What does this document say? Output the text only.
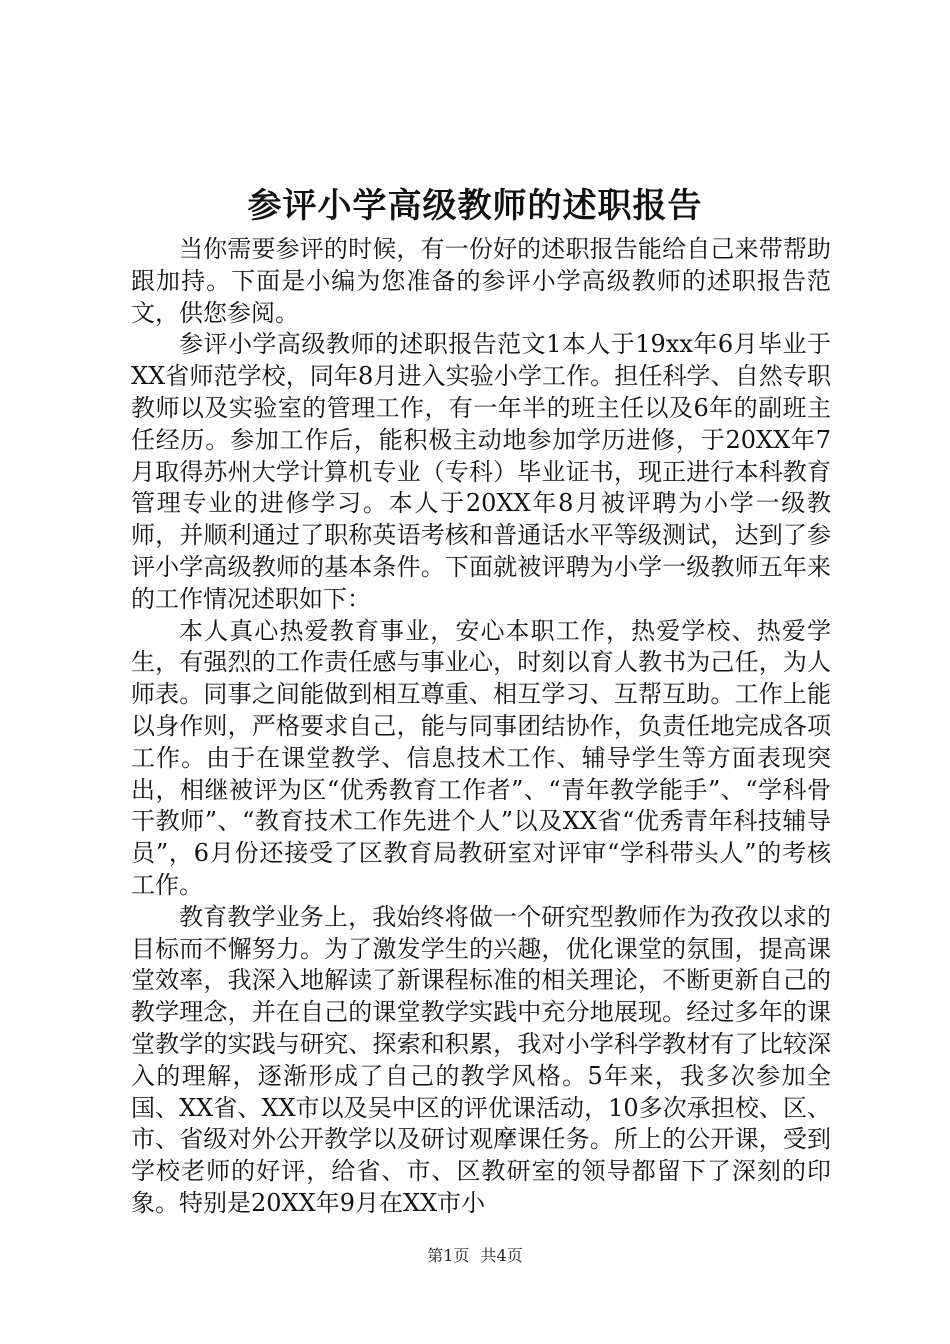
参评小学高级教师的述职报告

当你需要参评的时候，有一份好的述职报告能给自己来带帮助跟加持。下面是小编为您准备的参评小学高级教师的述职报告范文，供您参阅。

参评小学高级教师的述职报告范文1本人于19xx年6月毕业于XX省师范学校，同年8月进入实验小学工作。担任科学、自然专职教师以及实验室的管理工作，有一年半的班主任以及6年的副班主任经历。参加工作后，能积极主动地参加学历进修，于20XX年7月取得苏州大学计算机专业（专科）毕业证书，现正进行本科教育管理专业的进修学习。本人于20XX年8月被评聘为小学一级教师，并顺利通过了职称英语考核和普通话水平等级测试，达到了参评小学高级教师的基本条件。下面就被评聘为小学一级教师五年来的工作情况述职如下：

本人真心热爱教育事业，安心本职工作，热爱学校、热爱学生，有强烈的工作责任感与事业心，时刻以育人教书为己任，为人师表。同事之间能做到相互尊重、相互学习、互帮互助。工作上能以身作则，严格要求自己，能与同事团结协作，负责任地完成各项工作。由于在课堂教学、信息技术工作、辅导学生等方面表现突出，相继被评为区“优秀教育工作者”、“青年教学能手”、“学科骨干教师”、“教育技术工作先进个人”以及XX省“优秀青年科技辅导员”，6月份还接受了区教育局教研室对评审“学科带头人”的考核工作。

教育教学业务上，我始终将做一个研究型教师作为孜孜以求的目标而不懈努力。为了激发学生的兴趣，优化课堂的氛围，提高课堂效率，我深入地解读了新课程标准的相关理论，不断更新自己的教学理念，并在自己的课堂教学实践中充分地展现。经过多年的课堂教学的实践与研究、探索和积累，我对小学科学教材有了比较深入的理解，逐渐形成了自己的教学风格。5年来，我多次参加全国、XX省、XX市以及吴中区的评优课活动，10多次承担校、区、市、省级对外公开教学以及研讨观摩课任务。所上的公开课，受到学校老师的好评，给省、市、区教研室的领导都留下了深刻的印象。特别是20XX年9月在XX市小

第1页 共4页
